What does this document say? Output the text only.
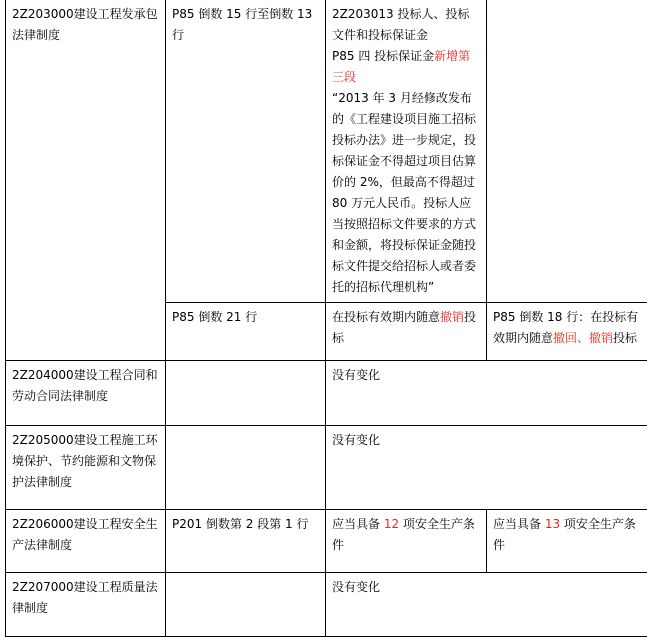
2Z203000建设工程发承包法律制度	P85 倒数 15 行至倒数 13 行	2Z203013 投标人、投标文件和投标保证金
P85 四 投标保证金新增第三段
“2013 年 3 月经修改发布的《工程建设项目施工招标投标办法》进一步规定，投标保证金不得超过项目估算价的 2%，但最高不得超过 80 万元人民币。投标人应当按照招标文件要求的方式和金额，将投标保证金随投标文件提交给招标人或者委托的招标代理机构”	

	P85 倒数 21 行	在投标有效期内随意撤销投标	P85 倒数 18 行：在投标有效期内随意撤回、撤销投标
2Z204000建设工程合同和劳动合同法律制度		没有变化	
2Z205000建设工程施工环境保护、节约能源和文物保护法律制度		没有变化	
2Z206000建设工程安全生产法律制度	P201 倒数第 2 段第 1 行	应当具备 12 项安全生产条件	应当具备 13 项安全生产条件
2Z207000建设工程质量法律制度		没有变化	
